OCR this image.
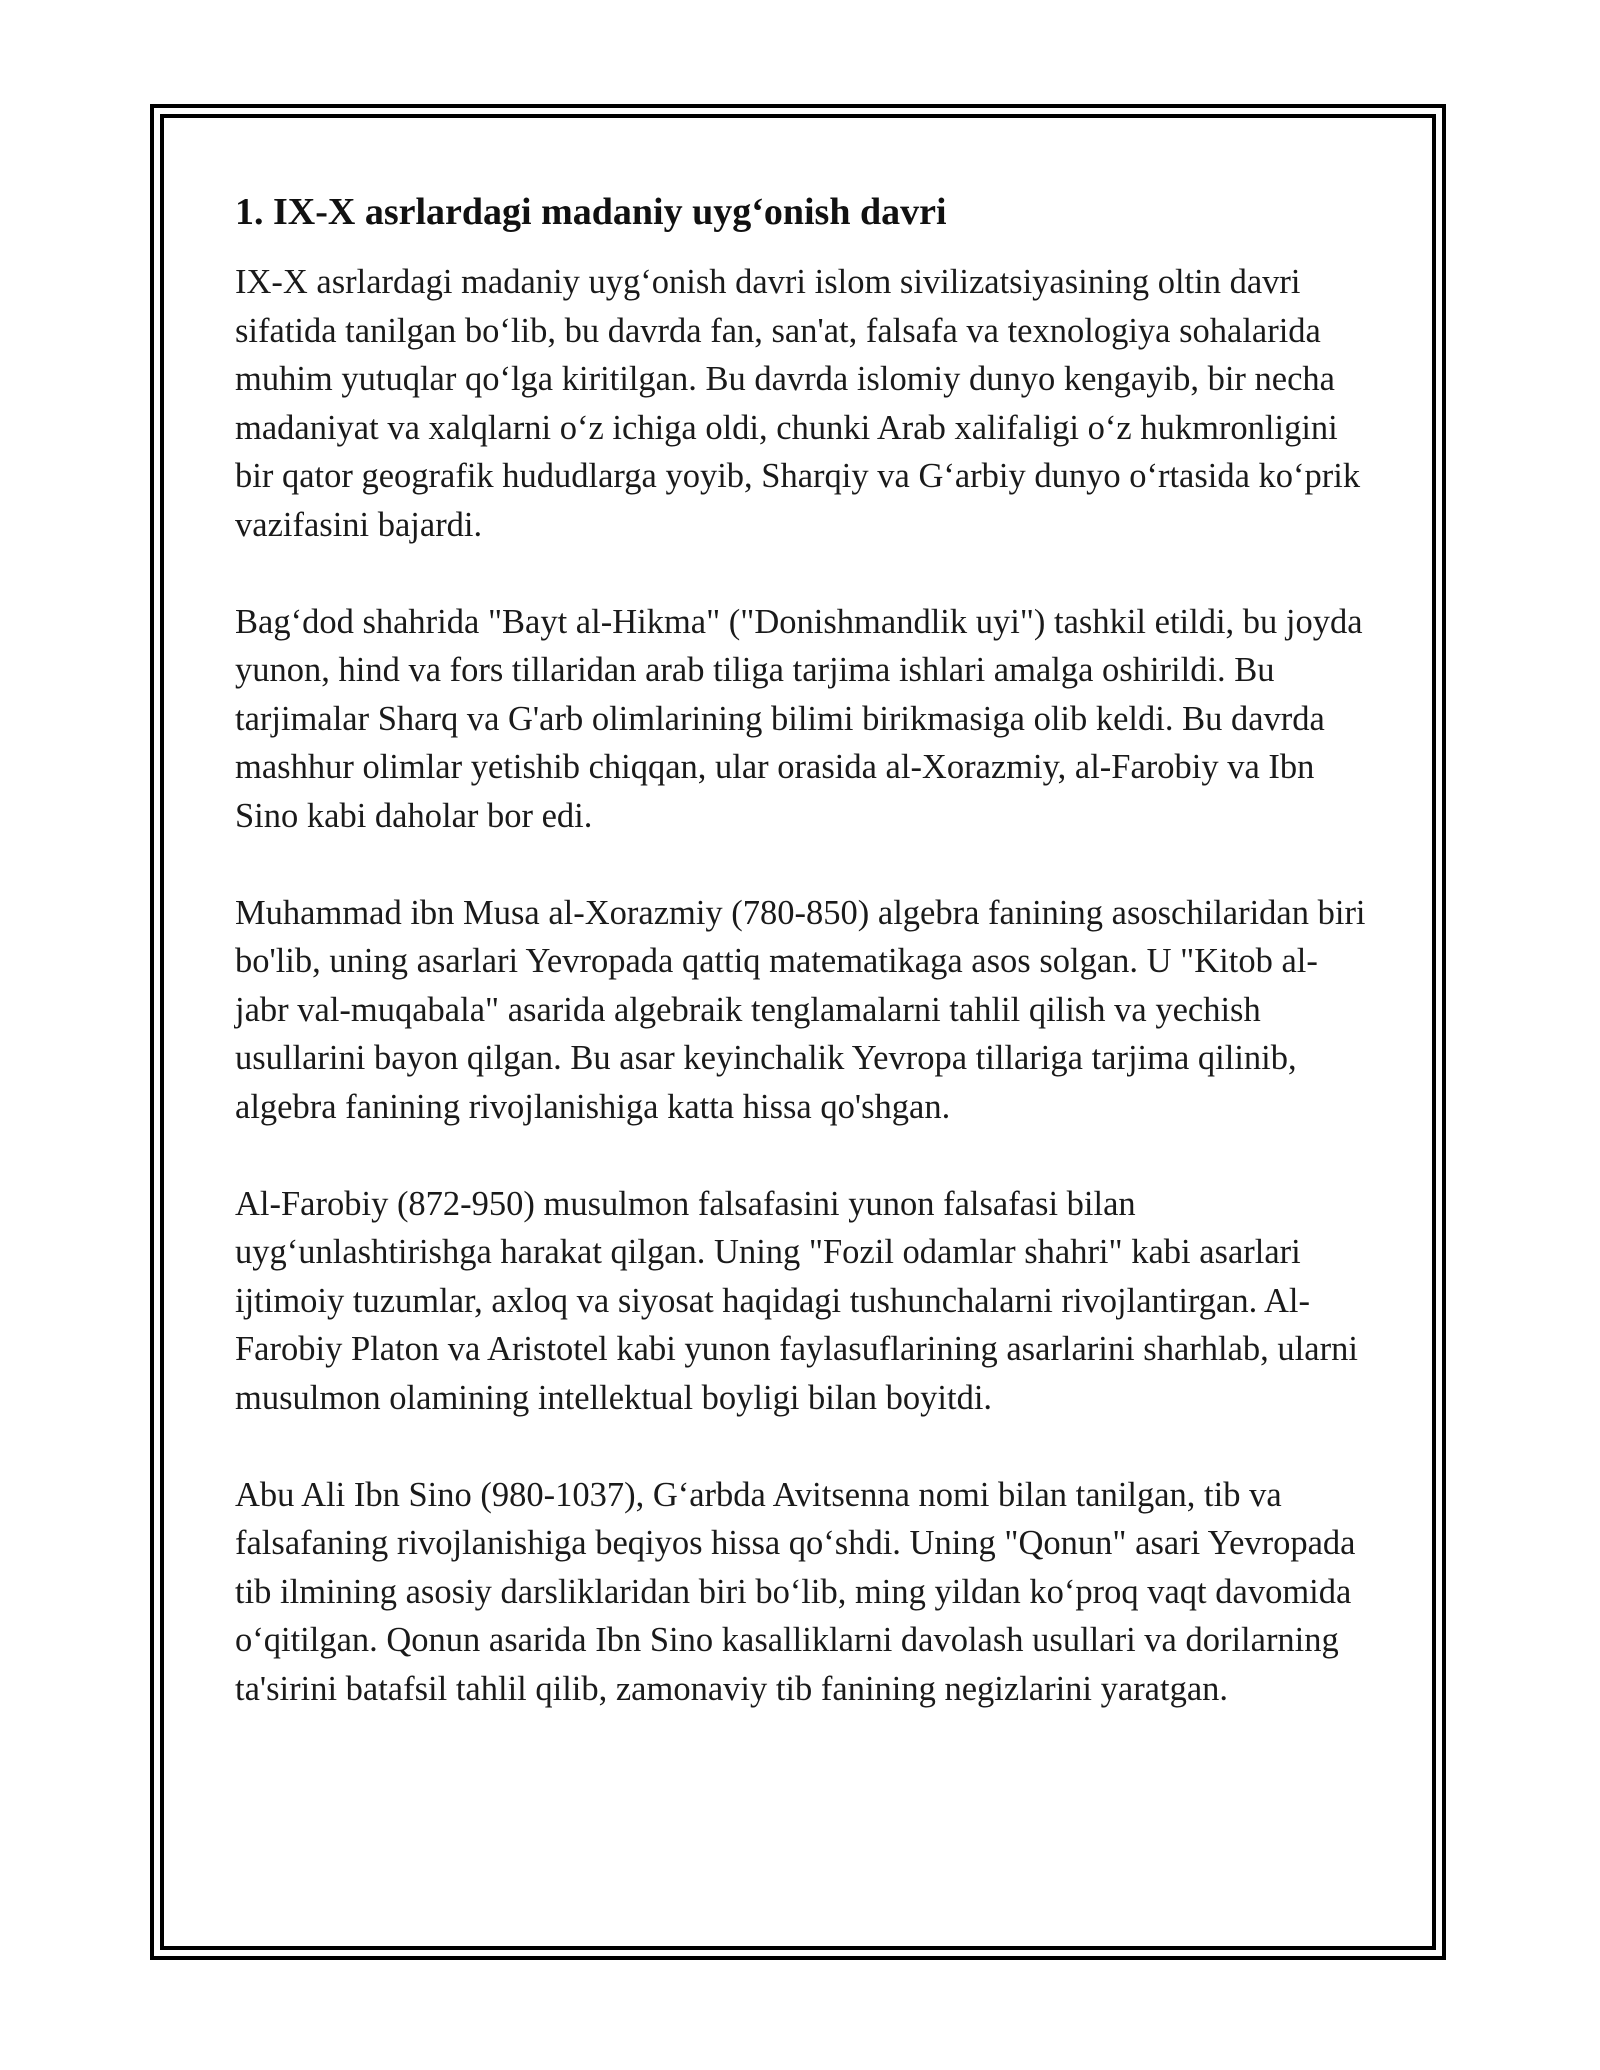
1. IX-X asrlardagi madaniy uyg‘onish davri

IX-X asrlardagi madaniy uyg‘onish davri islom sivilizatsiyasining oltin davri sifatida tanilgan bo‘lib, bu davrda fan, san'at, falsafa va texnologiya sohalarida muhim yutuqlar qo‘lga kiritilgan. Bu davrda islomiy dunyo kengayib, bir necha madaniyat va xalqlarni o‘z ichiga oldi, chunki Arab xalifaligi o‘z hukmronligini bir qator geografik hududlarga yoyib, Sharqiy va G‘arbiy dunyo o‘rtasida ko‘prik vazifasini bajardi.

Bag‘dod shahrida "Bayt al-Hikma" ("Donishmandlik uyi") tashkil etildi, bu joyda yunon, hind va fors tillaridan arab tiliga tarjima ishlari amalga oshirildi. Bu tarjimalar Sharq va G'arb olimlarining bilimi birikmasiga olib keldi. Bu davrda mashhur olimlar yetishib chiqqan, ular orasida al-Xorazmiy, al-Farobiy va Ibn Sino kabi daholar bor edi.

Muhammad ibn Musa al-Xorazmiy (780-850) algebra fanining asoschilaridan biri bo'lib, uning asarlari Yevropada qattiq matematikaga asos solgan. U "Kitob al-jabr val-muqabala" asarida algebraik tenglamalarni tahlil qilish va yechish usullarini bayon qilgan. Bu asar keyinchalik Yevropa tillariga tarjima qilinib, algebra fanining rivojlanishiga katta hissa qo'shgan.

Al-Farobiy (872-950) musulmon falsafasini yunon falsafasi bilan uyg‘unlashtirishga harakat qilgan. Uning "Fozil odamlar shahri" kabi asarlari ijtimoiy tuzumlar, axloq va siyosat haqidagi tushunchalarni rivojlantirgan. Al-Farobiy Platon va Aristotel kabi yunon faylasuflarining asarlarini sharhlab, ularni musulmon olamining intellektual boyligi bilan boyitdi.

Abu Ali Ibn Sino (980-1037), G‘arbda Avitsenna nomi bilan tanilgan, tib va falsafaning rivojlanishiga beqiyos hissa qo‘shdi. Uning "Qonun" asari Yevropada tib ilmining asosiy darsliklaridan biri bo‘lib, ming yildan ko‘proq vaqt davomida o‘qitilgan. Qonun asarida Ibn Sino kasalliklarni davolash usullari va dorilarning ta'sirini batafsil tahlil qilib, zamonaviy tib fanining negizlarini yaratgan.
